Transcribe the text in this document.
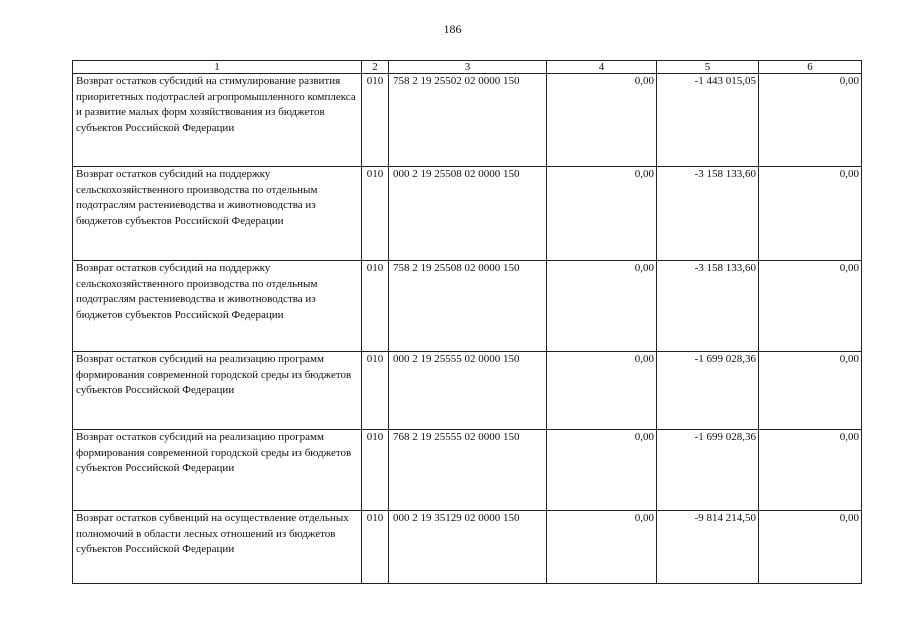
186
1	2	3	4	5	6
Возврат остатков субсидий на стимулирование развития приоритетных подотраслей агропромышленного комплекса и развитие малых форм хозяйствования из бюджетов субъектов Российской Федерации	010	758 2 19 25502 02 0000 150	0,00	-1 443 015,05	0,00
Возврат остатков субсидий на поддержку сельскохозяйственного производства по отдельным подотраслям растениеводства и животноводства из бюджетов субъектов Российской Федерации	010	000 2 19 25508 02 0000 150	0,00	-3 158 133,60	0,00
Возврат остатков субсидий на поддержку сельскохозяйственного производства по отдельным подотраслям растениеводства и животноводства из бюджетов субъектов Российской Федерации	010	758 2 19 25508 02 0000 150	0,00	-3 158 133,60	0,00
Возврат остатков субсидий на реализацию программ формирования современной городской среды из бюджетов субъектов Российской Федерации	010	000 2 19 25555 02 0000 150	0,00	-1 699 028,36	0,00
Возврат остатков субсидий на реализацию программ формирования современной городской среды из бюджетов субъектов Российской Федерации	010	768 2 19 25555 02 0000 150	0,00	-1 699 028,36	0,00
Возврат остатков субвенций на осуществление отдельных полномочий в области лесных отношений из бюджетов субъектов Российской Федерации	010	000 2 19 35129 02 0000 150	0,00	-9 814 214,50	0,00
